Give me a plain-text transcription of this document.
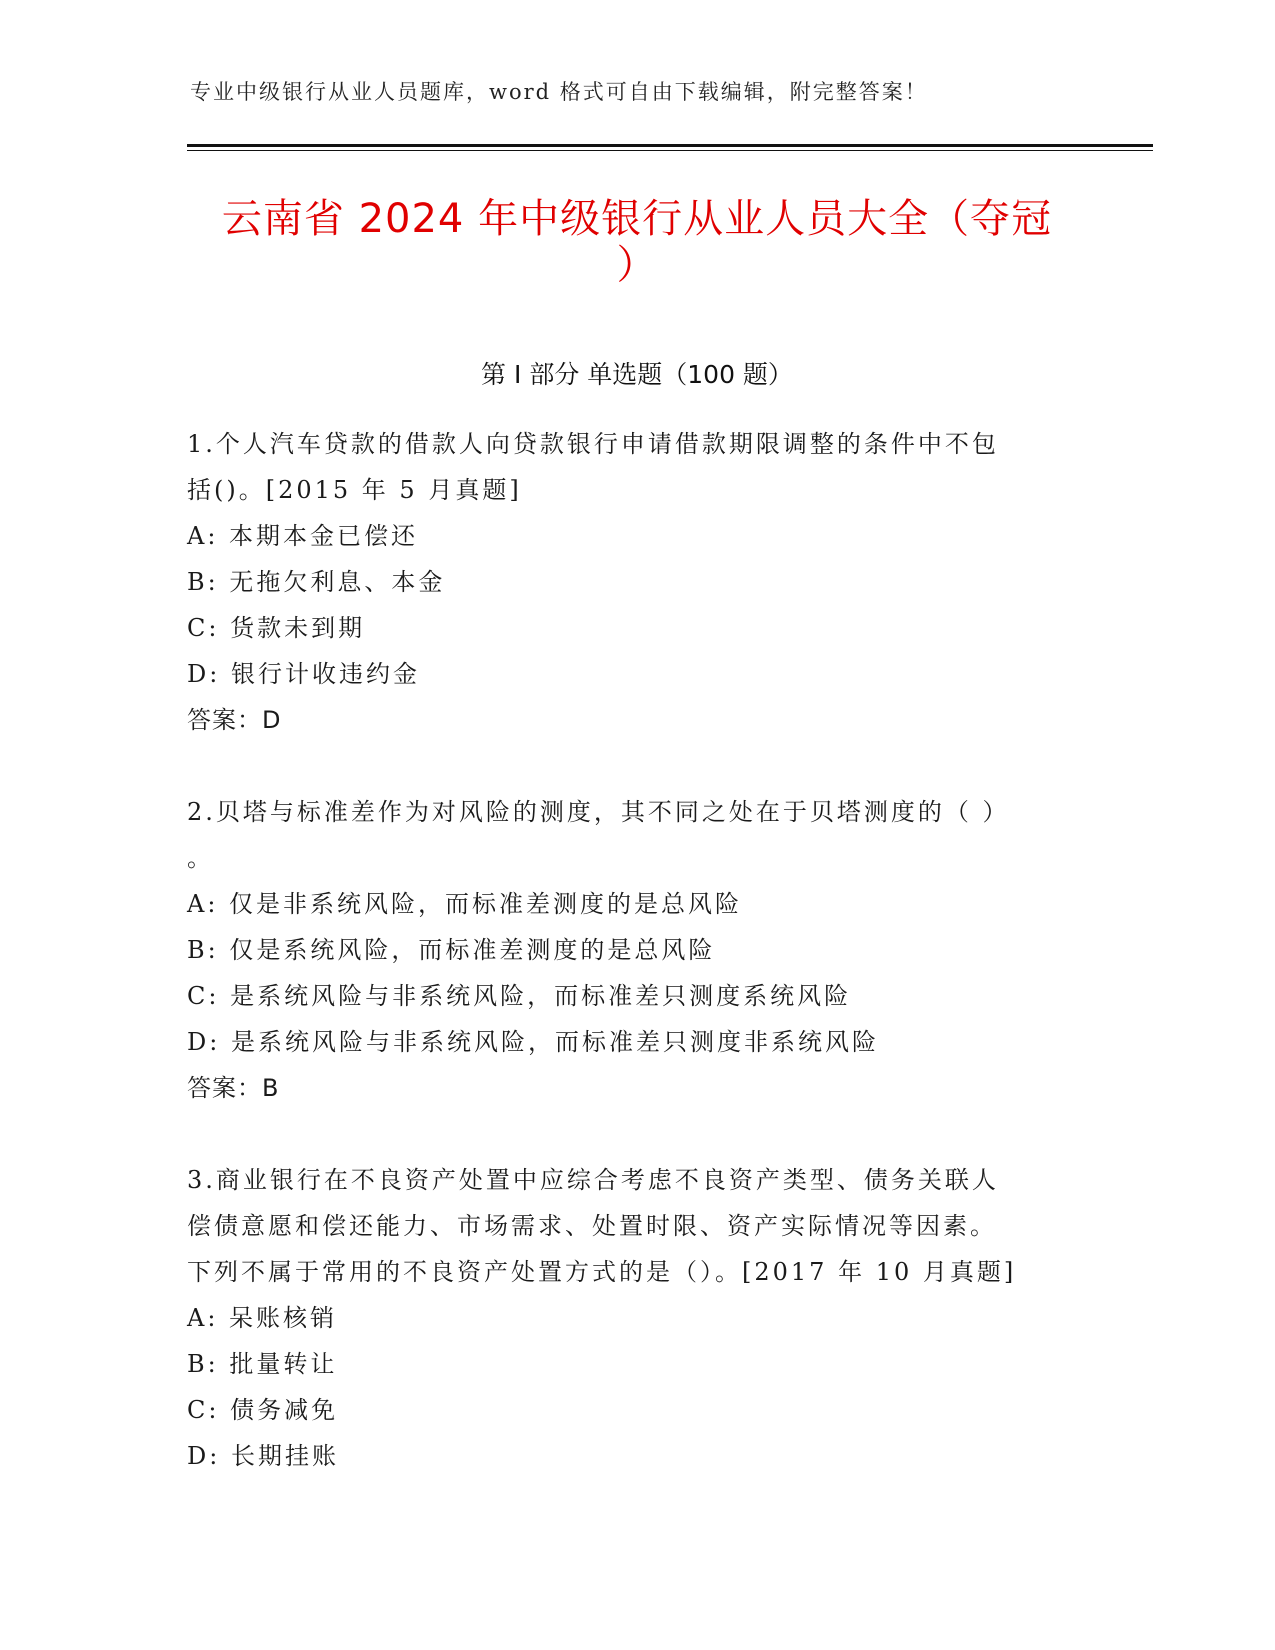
专业中级银行从业人员题库，word 格式可自由下载编辑，附完整答案！
云南省 2024 年中级银行从业人员大全（夺冠
）
第 I 部分 单选题（100 题）
1.个人汽车贷款的借款人向贷款银行申请借款期限调整的条件中不包
括()。[2015 年 5 月真题]
A: 本期本金已偿还
B: 无拖欠利息、本金
C: 货款未到期
D: 银行计收违约金
答案：D
2.贝塔与标准差作为对风险的测度，其不同之处在于贝塔测度的（ ）
。
A: 仅是非系统风险，而标准差测度的是总风险
B: 仅是系统风险，而标准差测度的是总风险
C: 是系统风险与非系统风险，而标准差只测度系统风险
D: 是系统风险与非系统风险，而标准差只测度非系统风险
答案：B
3.商业银行在不良资产处置中应综合考虑不良资产类型、债务关联人
偿债意愿和偿还能力、市场需求、处置时限、资产实际情况等因素。
下列不属于常用的不良资产处置方式的是（）。[2017 年 10 月真题]
A: 呆账核销
B: 批量转让
C: 债务减免
D: 长期挂账
